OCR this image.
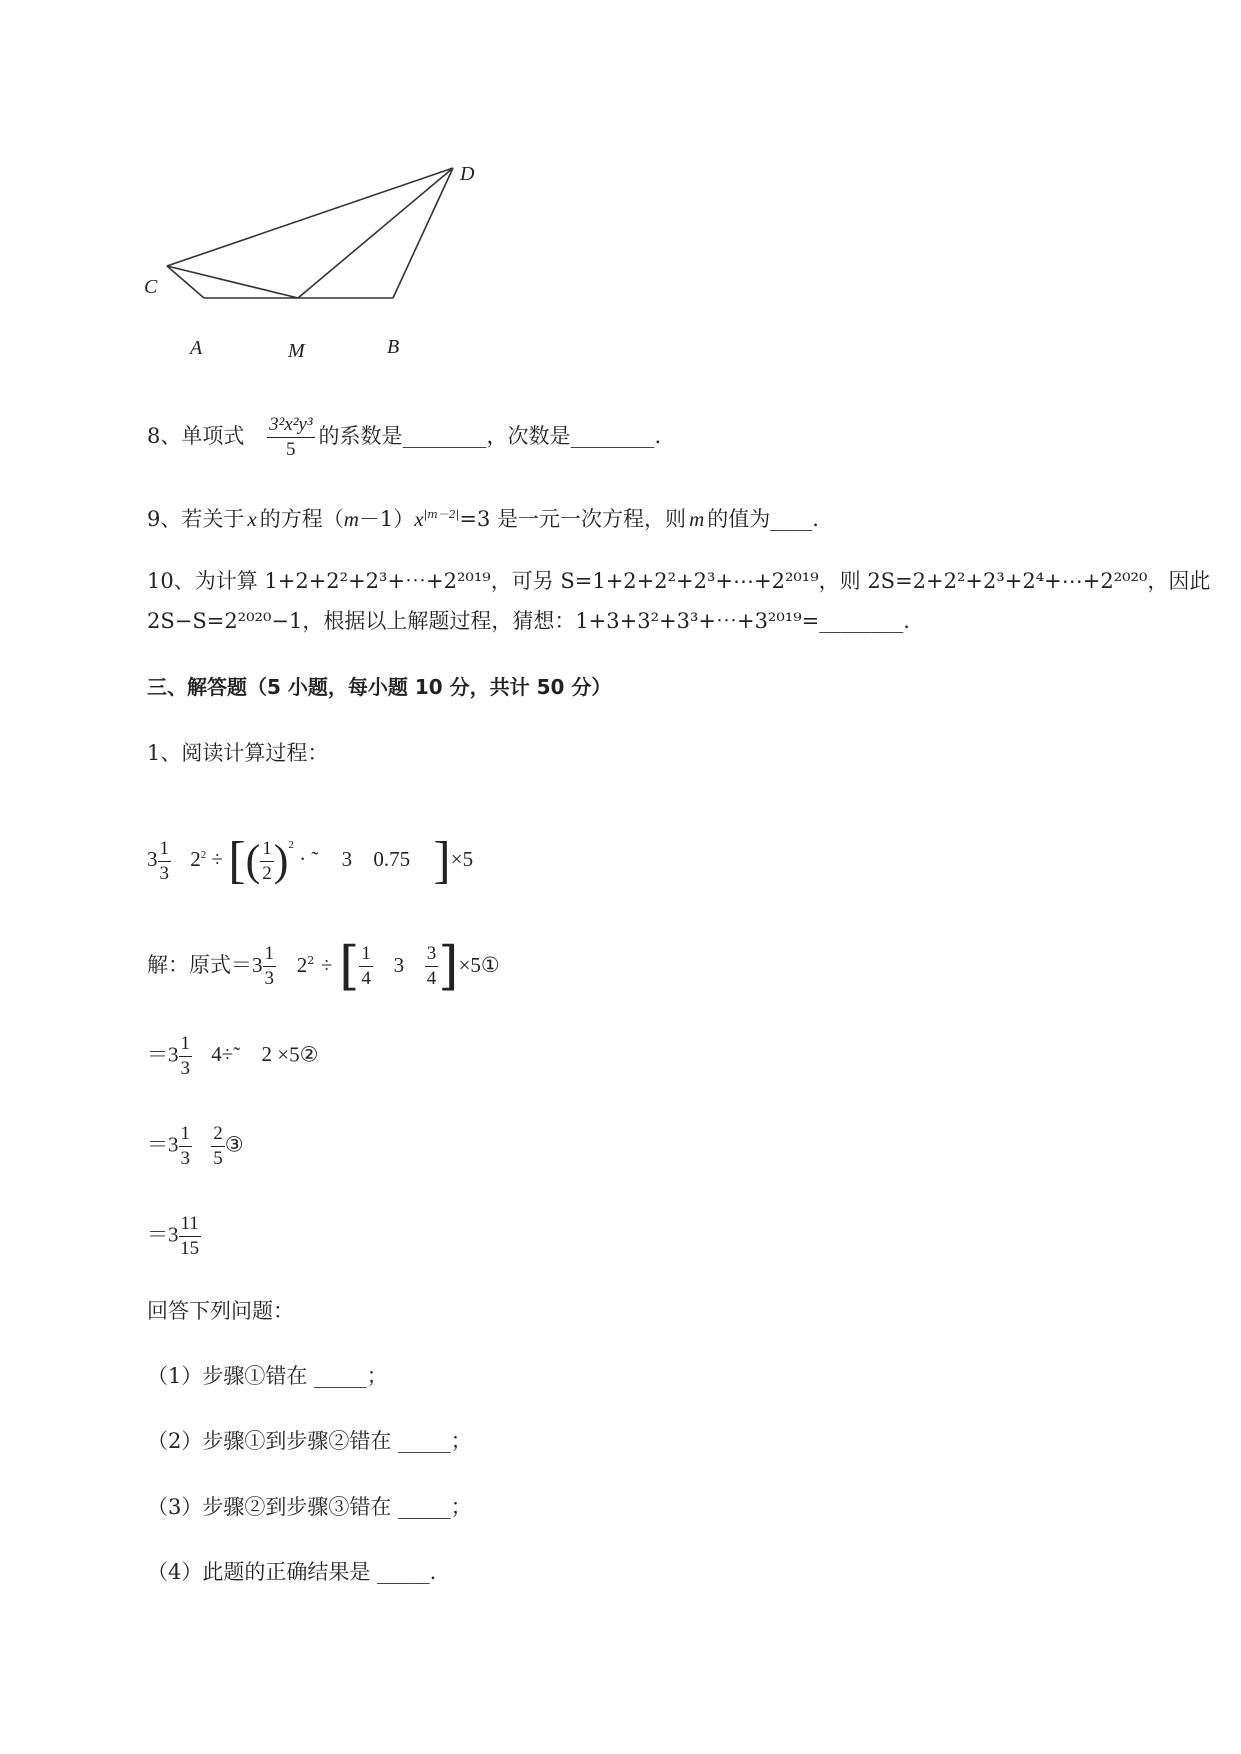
D
C
A	M	B
8、单项式 $\frac{\text{3²x²y³}}{5}$ 的系数是________，次数是________.
9、若关于 x 的方程$(m-1)x^{|m-2|}=3$ 是一元一次方程，则 m 的值为____.
10、为计算 1+2+2²+2³+⋯+2²⁰¹⁹，可另 S=1+2+2²+2³+⋯+2²⁰¹⁹，则 2S=2+2²+2³+2⁴+⋯+2²⁰²⁰，因此
2S−S=2²⁰²⁰−1，根据以上解题过程，猜想：1+3+3²+3³+⋯+3²⁰¹⁹=________.
三、解答题（5 小题，每小题 10 分，共计 50 分）
1、阅读计算过程：
$3 \frac{1}{3} 2^2$ ÷ [( $\frac{1}{2} )^2$ · ˜ 3 0.75 ]×5
解：原式$=3 \frac{1}{3} 2^2$ ÷ [ $\frac{1}{4} 3 \frac{3}{4}$ ]×5①
$=3 \frac{1}{3}$ 4÷˜ 2 ×5②
$=3 \frac{1}{3}$
$\frac{2}{5}$ ③
$=3 \frac{11}{15}$
回答下列问题：
（1）步骤①错在 _____；
（2）步骤①到步骤②错在 _____；
（3）步骤②到步骤③错在 _____；
（4）此题的正确结果是 _____.
